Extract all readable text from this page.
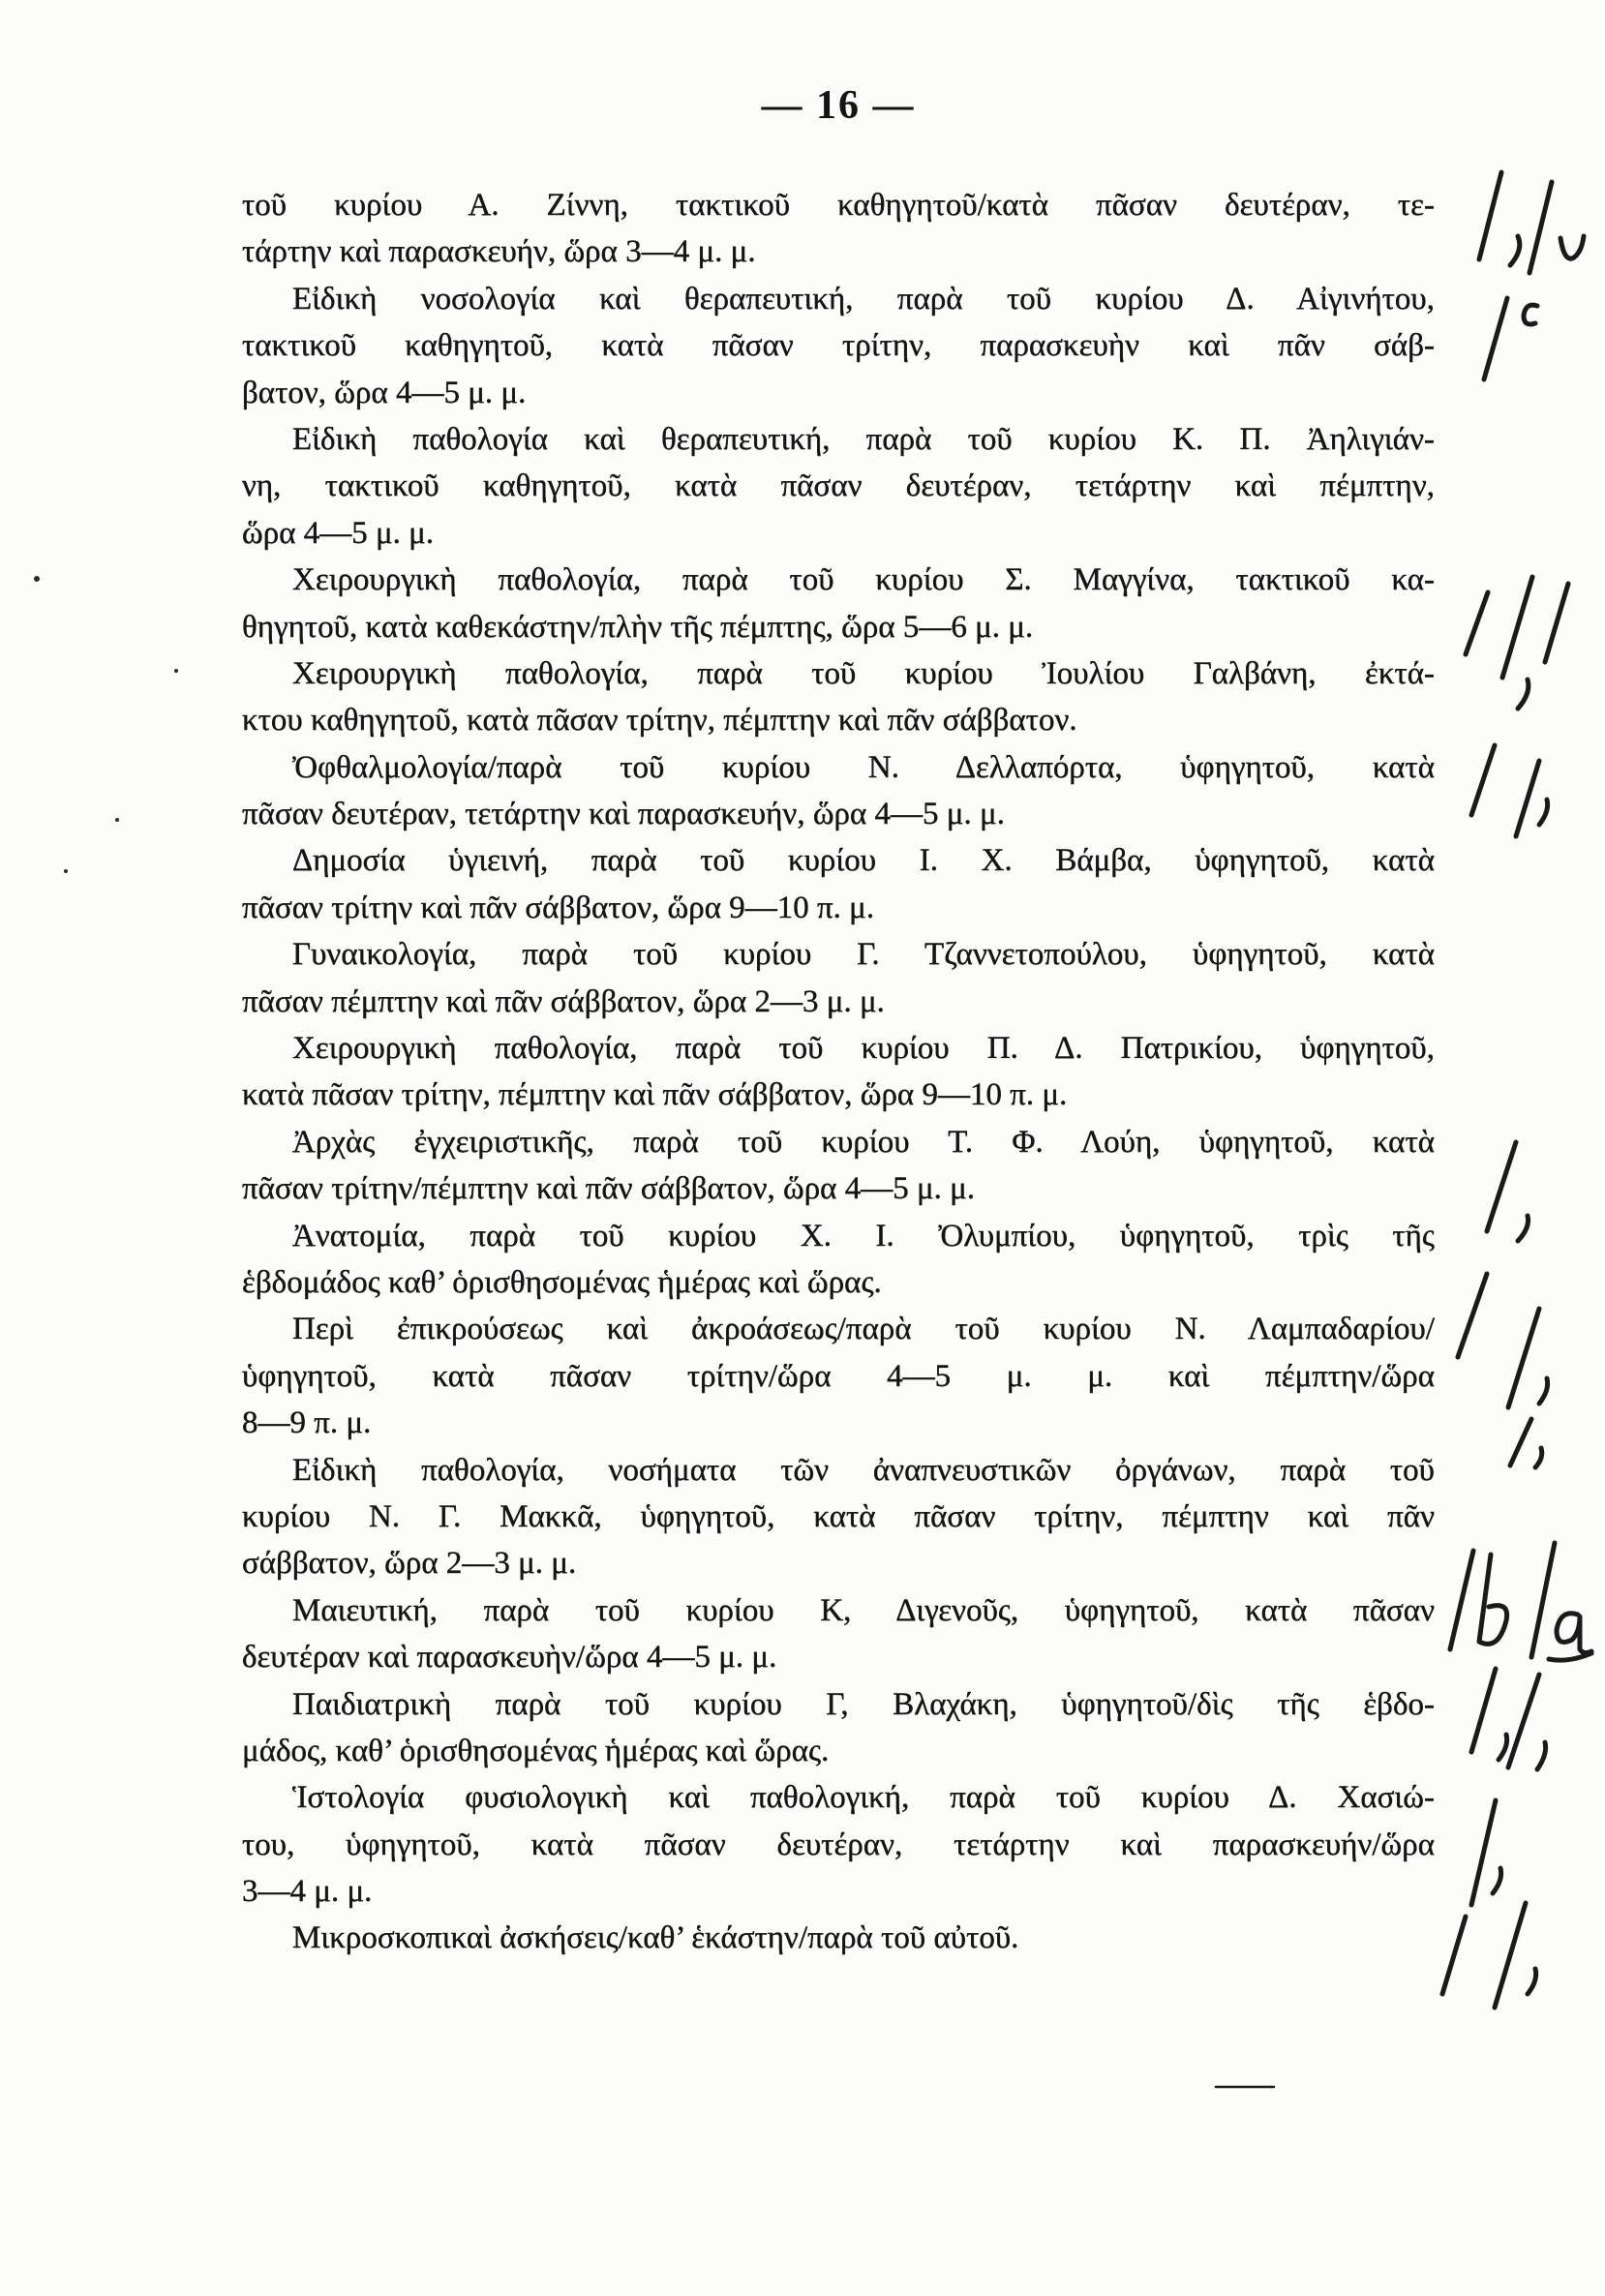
— 16 —
τοῦ κυρίου Α. Ζίννη, τακτικοῦ καθηγητοῦ/κατὰ πᾶσαν δευτέραν, τε-
τάρτην καὶ παρασκευήν, ὥρα 3—4 μ. μ.
Εἰδικὴ νοσολογία καὶ θεραπευτική, παρὰ τοῦ κυρίου Δ. Αἰγινήτου,
τακτικοῦ καθηγητοῦ, κατὰ πᾶσαν τρίτην, παρασκευὴν καὶ πᾶν σάβ-
βατον, ὥρα 4—5 μ. μ.
Εἰδικὴ παθολογία καὶ θεραπευτική, παρὰ τοῦ κυρίου Κ. Π. Ἀηλιγιάν-
νη, τακτικοῦ καθηγητοῦ, κατὰ πᾶσαν δευτέραν, τετάρτην καὶ πέμπτην,
ὥρα 4—5 μ. μ.
Χειρουργικὴ παθολογία, παρὰ τοῦ κυρίου Σ. Μαγγίνα, τακτικοῦ κα-
θηγητοῦ, κατὰ καθεκάστην/πλὴν τῆς πέμπτης, ὥρα 5—6 μ. μ.
Χειρουργικὴ παθολογία, παρὰ τοῦ κυρίου Ἰουλίου Γαλβάνη, ἐκτά-
κτου καθηγητοῦ, κατὰ πᾶσαν τρίτην, πέμπτην καὶ πᾶν σάββατον.
Ὀφθαλμολογία/παρὰ τοῦ κυρίου Ν. Δελλαπόρτα, ὑφηγητοῦ, κατὰ
πᾶσαν δευτέραν, τετάρτην καὶ παρασκευήν, ὥρα 4—5 μ. μ.
Δημοσία ὑγιεινή, παρὰ τοῦ κυρίου Ι. Χ. Βάμβα, ὑφηγητοῦ, κατὰ
πᾶσαν τρίτην καὶ πᾶν σάββατον, ὥρα 9—10 π. μ.
Γυναικολογία, παρὰ τοῦ κυρίου Γ. Τζαννετοπούλου, ὑφηγητοῦ, κατὰ
πᾶσαν πέμπτην καὶ πᾶν σάββατον, ὥρα 2—3 μ. μ.
Χειρουργικὴ παθολογία, παρὰ τοῦ κυρίου Π. Δ. Πατρικίου, ὑφηγητοῦ,
κατὰ πᾶσαν τρίτην, πέμπτην καὶ πᾶν σάββατον, ὥρα 9—10 π. μ.
Ἀρχὰς ἐγχειριστικῆς, παρὰ τοῦ κυρίου Τ. Φ. Λούη, ὑφηγητοῦ, κατὰ
πᾶσαν τρίτην/πέμπτην καὶ πᾶν σάββατον, ὥρα 4—5 μ. μ.
Ἀνατομία, παρὰ τοῦ κυρίου Χ. Ι. Ὀλυμπίου, ὑφηγητοῦ, τρὶς τῆς
ἑβδομάδος καθ’ ὁρισθησομένας ἡμέρας καὶ ὥρας.
Περὶ ἐπικρούσεως καὶ ἀκροάσεως/παρὰ τοῦ κυρίου Ν. Λαμπαδαρίου/
ὑφηγητοῦ, κατὰ πᾶσαν τρίτην/ὥρα 4—5 μ. μ. καὶ πέμπτην/ὥρα
8—9 π. μ.
Εἰδικὴ παθολογία, νοσήματα τῶν ἀναπνευστικῶν ὀργάνων, παρὰ τοῦ
κυρίου Ν. Γ. Μακκᾶ, ὑφηγητοῦ, κατὰ πᾶσαν τρίτην, πέμπτην καὶ πᾶν
σάββατον, ὥρα 2—3 μ. μ.
Μαιευτική, παρὰ τοῦ κυρίου Κ, Διγενοῦς, ὑφηγητοῦ, κατὰ πᾶσαν
δευτέραν καὶ παρασκευὴν/ὥρα 4—5 μ. μ.
Παιδιατρικὴ παρὰ τοῦ κυρίου Γ, Βλαχάκη, ὑφηγητοῦ/δὶς τῆς ἑβδο-
μάδος, καθ’ ὁρισθησομένας ἡμέρας καὶ ὥρας.
Ἱστολογία φυσιολογικὴ καὶ παθολογική, παρὰ τοῦ κυρίου Δ. Χασιώ-
του, ὑφηγητοῦ, κατὰ πᾶσαν δευτέραν, τετάρτην καὶ παρασκευήν/ὥρα
3—4 μ. μ.
Μικροσκοπικαὶ ἀσκήσεις/καθ’ ἑκάστην/παρὰ τοῦ αὐτοῦ.
